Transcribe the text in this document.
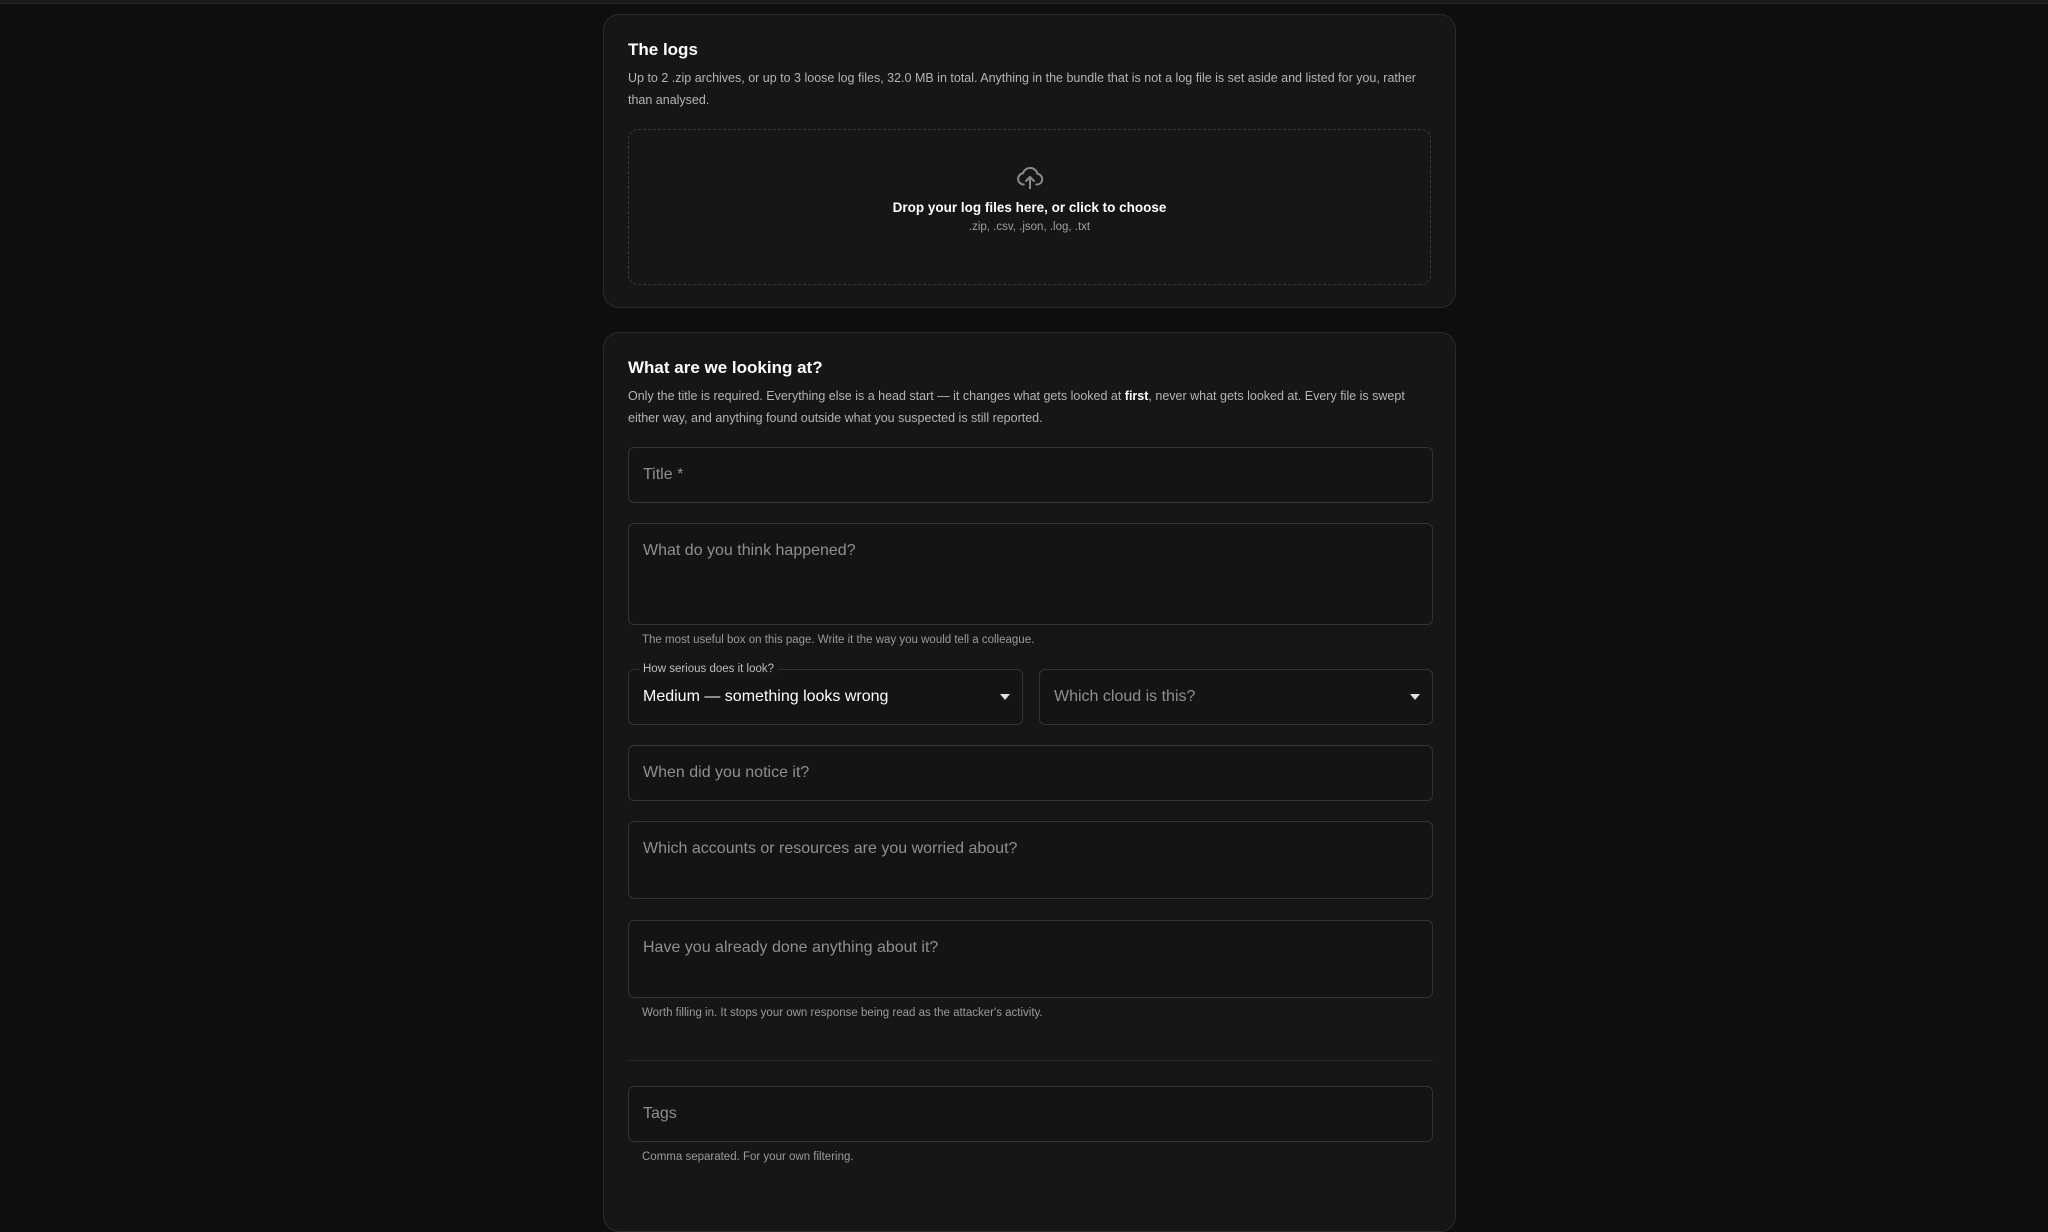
The logs

Up to 2 .zip archives, or up to 3 loose log files, 32.0 MB in total. Anything in the bundle that is not a log file is set aside and listed for you, rather than analysed.

Drop your log files here, or click to choose
.zip, .csv, .json, .log, .txt
What are we looking at?

Only the title is required. Everything else is a head start — it changes what gets looked at first, never what gets looked at. Every file is swept either way, and anything found outside what you suspected is still reported.

Title *
What do you think happened?
The most useful box on this page. Write it the way you would tell a colleague.
How serious does it look?
Medium — something looks wrong	Which cloud is this?
When did you notice it?
Which accounts or resources are you worried about?
Have you already done anything about it?
Worth filling in. It stops your own response being read as the attacker's activity.
Tags
Comma separated. For your own filtering.
